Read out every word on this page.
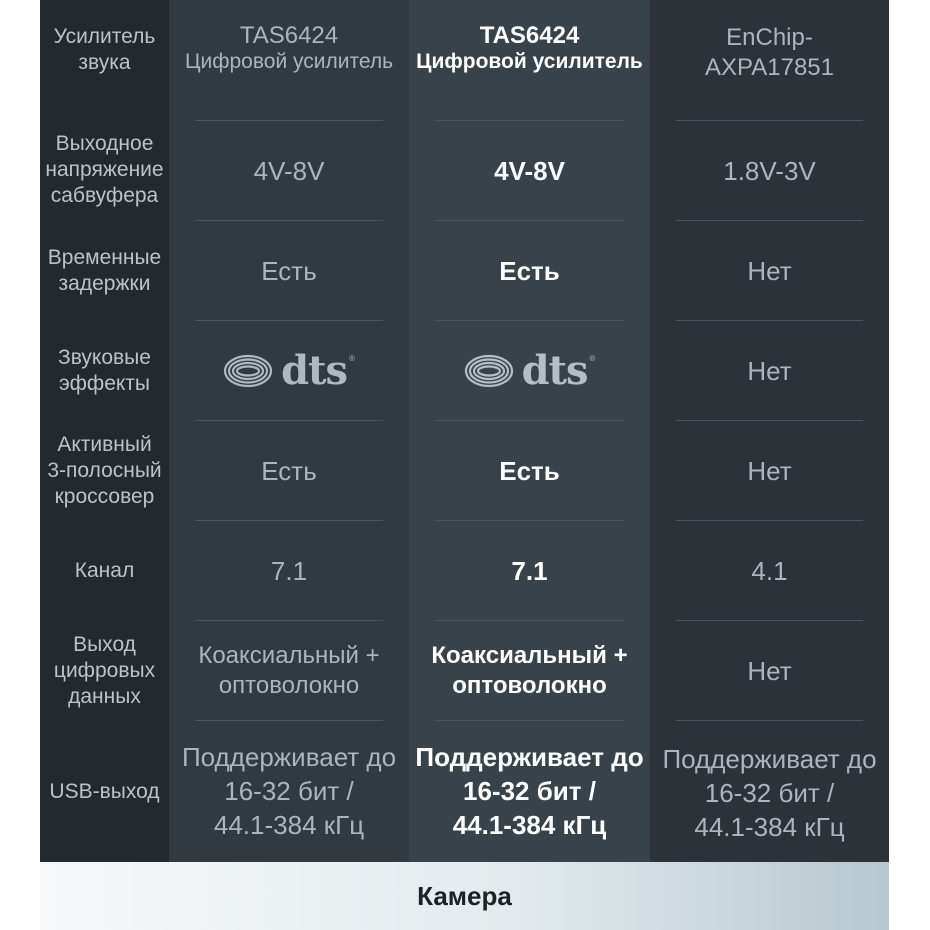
Усилитель
звука
Выходное
напряжение
сабвуфера
Временные
задержки
Звуковые
эффекты
Активный
3-полосный
кроссовер
Канал
Выход
цифровых
данных
USB-выход
TAS6424
Цифровой усилитель
4V-8V
Есть
dts ®
Есть
7.1
Коаксиальный +
оптоволокно
Поддерживает до
16-32 бит /
44.1-384 кГц
TAS6424
Цифровой усилитель
4V-8V
Есть
dts ®
Есть
7.1
Коаксиальный +
оптоволокно
Поддерживает до
16-32 бит /
44.1-384 кГц
EnChip-
AXPA17851
1.8V-3V
Нет
Нет
Нет
4.1
Нет
Поддерживает до
16-32 бит /
44.1-384 кГц
Камера
